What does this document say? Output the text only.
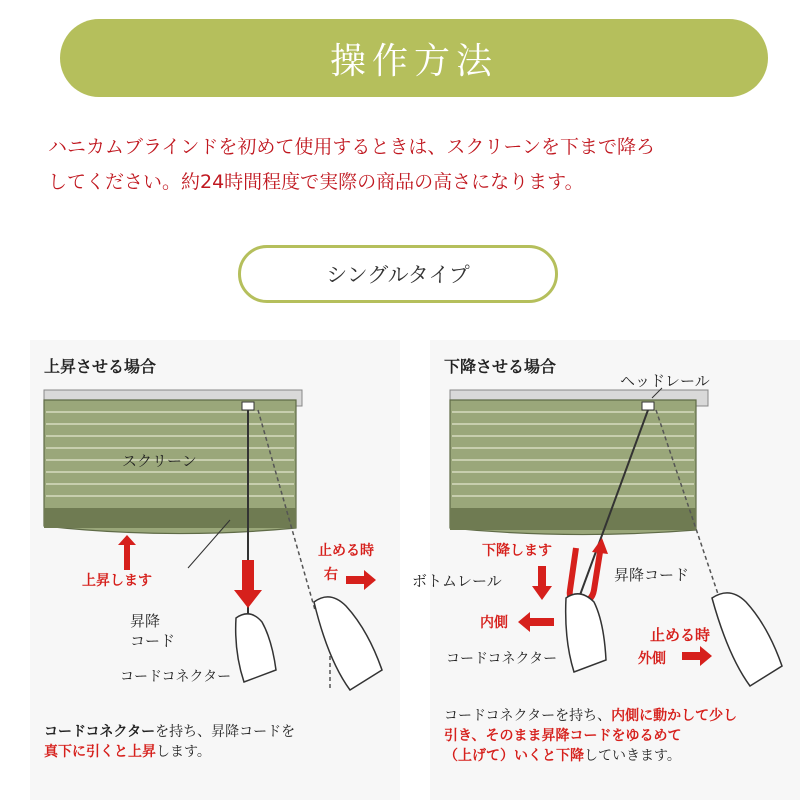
操作方法

ハニカムブラインドを初めて使用するときは、スクリーンを下まで降ろ

してください。約24時間程度で実際の商品の高さになります。

シングルタイプ
上昇させる場合
スクリーン
上昇します
止める時
右
昇降
コード
コードコネクター
コードコネクターを持ち、昇降コードを
真下に引くと上昇します。
下降させる場合
ヘッドレール
下降します
昇降コード
ボトムレール
内側
コードコネクター
止める時
外側
コードコネクターを持ち、内側に動かして少し
引き、そのまま昇降コードをゆるめて
（上げて）いくと下降していきます。
